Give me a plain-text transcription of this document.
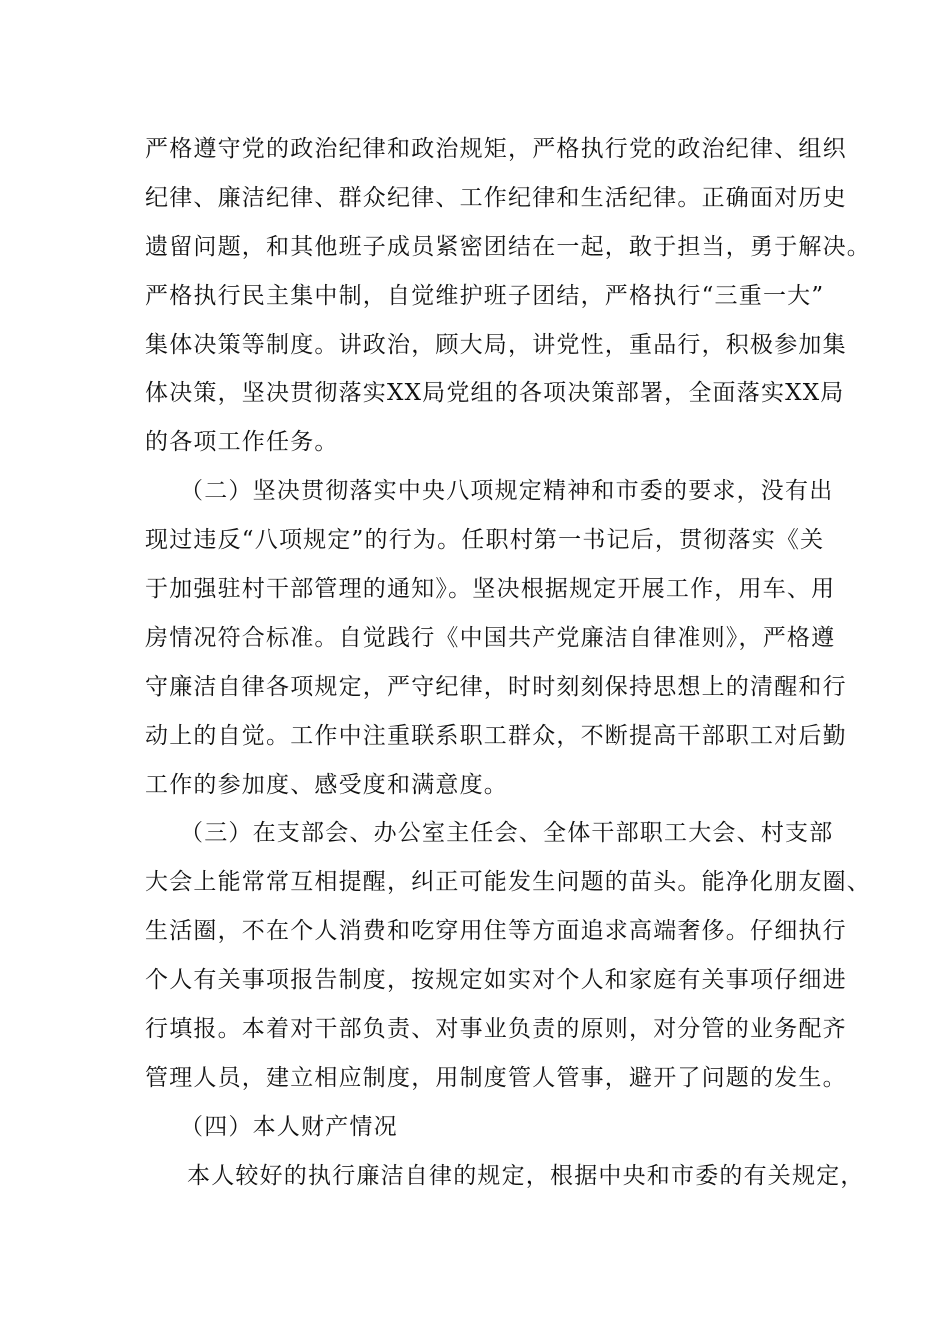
严格遵守党的政治纪律和政治规矩，严格执行党的政治纪律、组织
纪律、廉洁纪律、群众纪律、工作纪律和生活纪律。正确面对历史
遗留问题，和其他班子成员紧密团结在一起，敢于担当，勇于解决。
严格执行民主集中制，自觉维护班子团结，严格执行“三重一大”
集体决策等制度。讲政治，顾大局，讲党性，重品行，积极参加集
体决策，坚决贯彻落实XX局党组的各项决策部署，全面落实XX局
的各项工作任务。
（二）坚决贯彻落实中央八项规定精神和市委的要求，没有出
现过违反“八项规定”的行为。任职村第一书记后，贯彻落实《关
于加强驻村干部管理的通知》。坚决根据规定开展工作，用车、用
房情况符合标准。自觉践行《中国共产党廉洁自律准则》，严格遵
守廉洁自律各项规定，严守纪律，时时刻刻保持思想上的清醒和行
动上的自觉。工作中注重联系职工群众，不断提高干部职工对后勤
工作的参加度、感受度和满意度。
（三）在支部会、办公室主任会、全体干部职工大会、村支部
大会上能常常互相提醒，纠正可能发生问题的苗头。能净化朋友圈、
生活圈，不在个人消费和吃穿用住等方面追求高端奢侈。仔细执行
个人有关事项报告制度，按规定如实对个人和家庭有关事项仔细进
行填报。本着对干部负责、对事业负责的原则，对分管的业务配齐
管理人员，建立相应制度，用制度管人管事，避开了问题的发生。
（四）本人财产情况
本人较好的执行廉洁自律的规定，根据中央和市委的有关规定，
